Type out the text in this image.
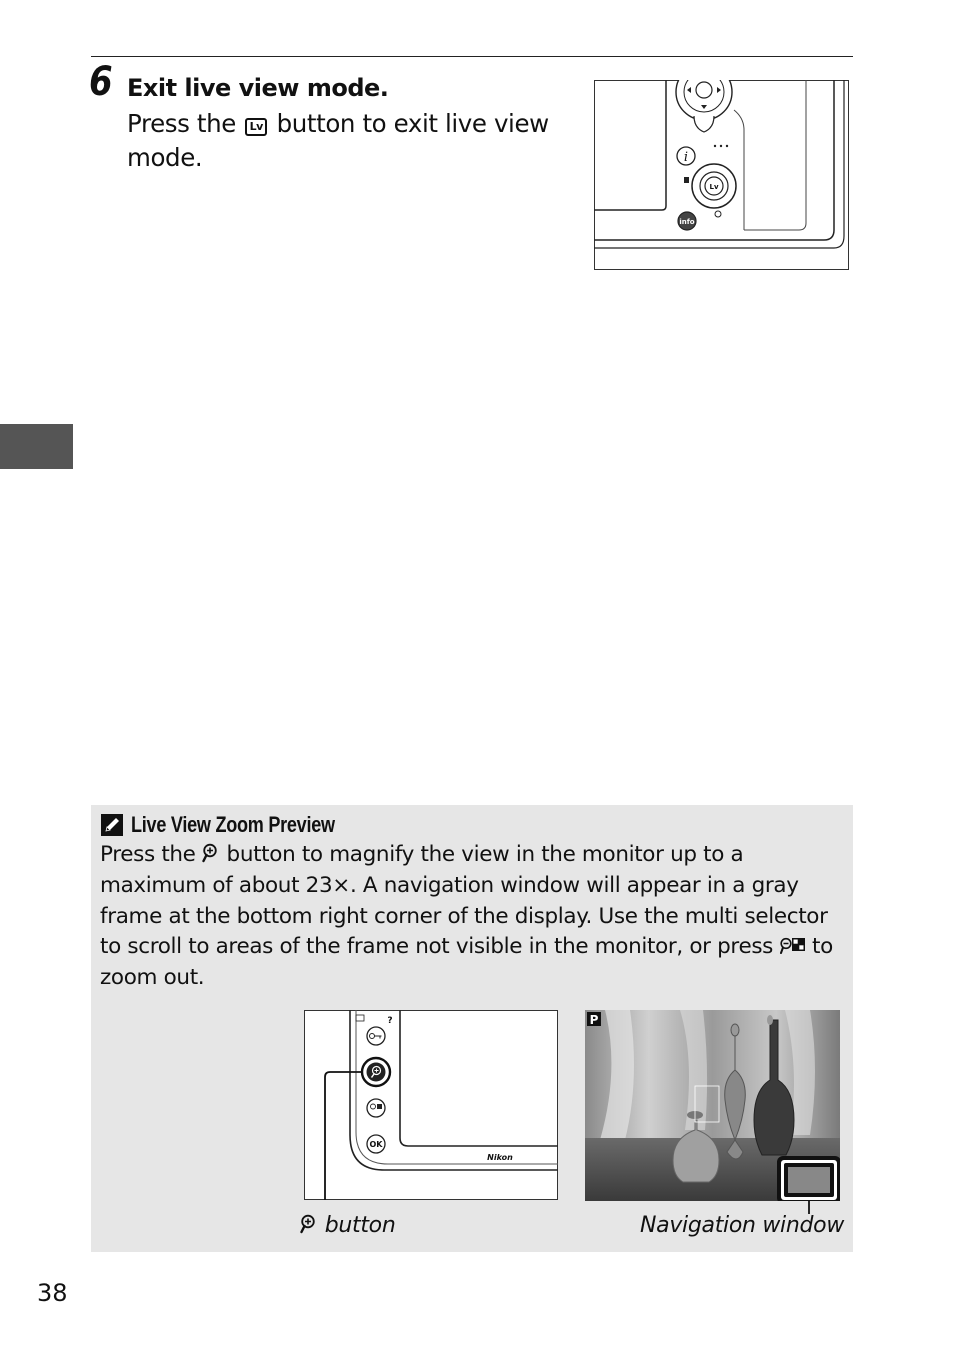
6 Exit live view mode.
Press the Lv button to exit live view mode.	i
Lv
info
Live View Zoom Preview
Press the  button to magnify the view in the monitor up to a maximum of about 23×. A navigation window will appear in a gray frame at the bottom right corner of the display. Use the multi selector to scroll to areas of the frame not visible in the monitor, or press  to zoom out.
Nikon
?
OK
P
button	Navigation window
38
